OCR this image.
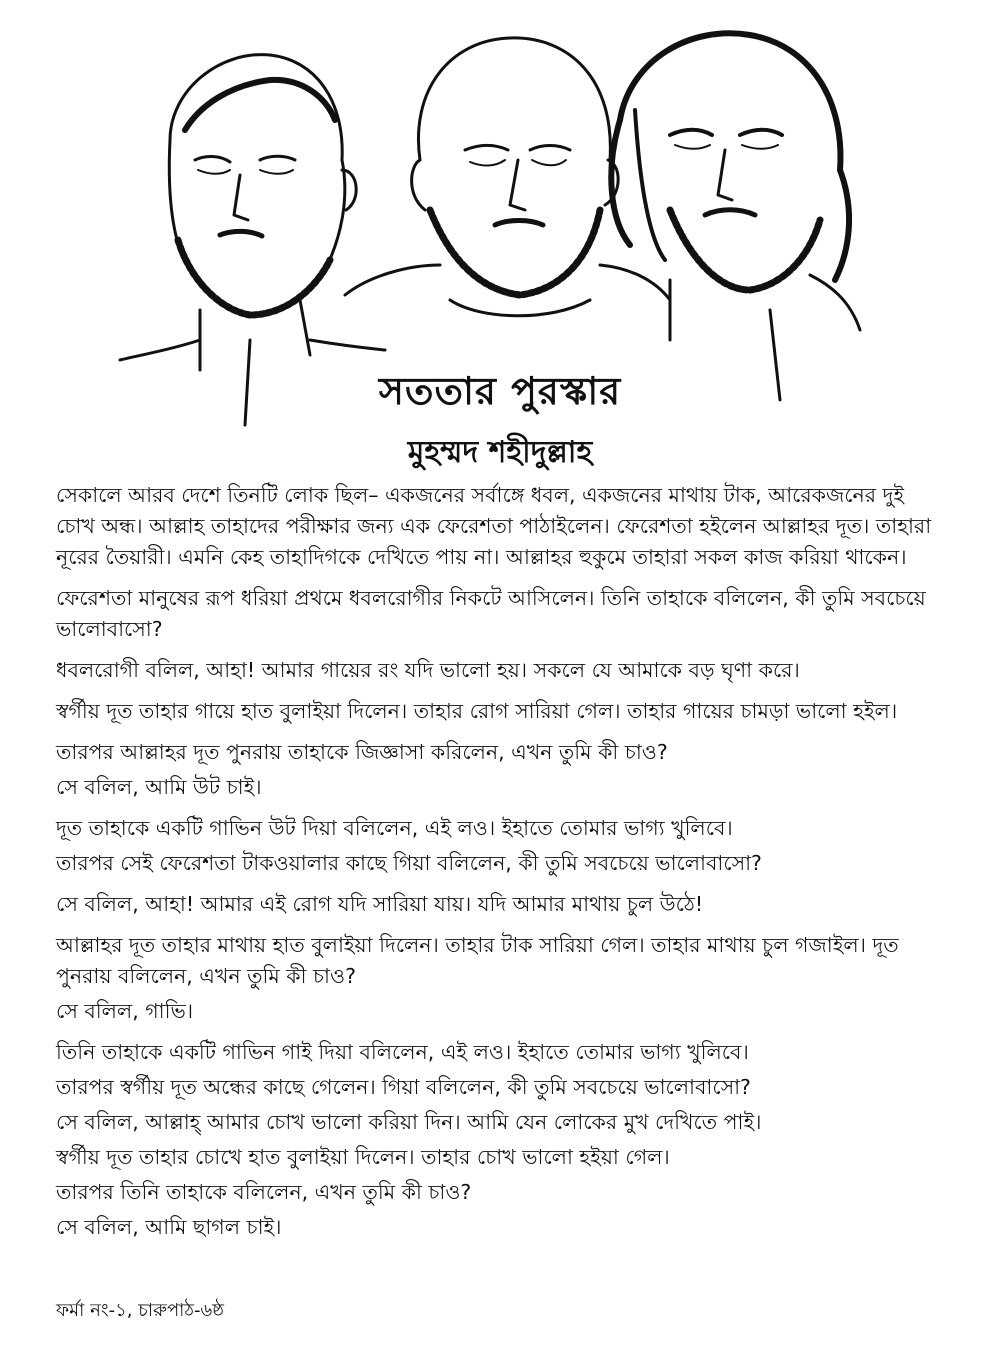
সততার পুরস্কার
মুহম্মদ শহীদুল্লাহ

সেকালে আরব দেশে তিনটি লোক ছিল– একজনের সর্বাঙ্গে ধবল, একজনের মাথায় টাক, আরেকজনের দুই চোখ অন্ধ। আল্লাহ তাহাদের পরীক্ষার জন্য এক ফেরেশতা পাঠাইলেন। ফেরেশতা হইলেন আল্লাহর দূত। তাহারা নূরের তৈয়ারী। এমনি কেহ তাহাদিগকে দেখিতে পায় না। আল্লাহর হুকুমে তাহারা সকল কাজ করিয়া থাকেন।

ফেরেশতা মানুষের রূপ ধরিয়া প্রথমে ধবলরোগীর নিকটে আসিলেন। তিনি তাহাকে বলিলেন, কী তুমি সবচেয়ে ভালোবাসো?

ধবলরোগী বলিল, আহা! আমার গায়ের রং যদি ভালো হয়। সকলে যে আমাকে বড় ঘৃণা করে।

স্বর্গীয় দূত তাহার গায়ে হাত বুলাইয়া দিলেন। তাহার রোগ সারিয়া গেল। তাহার গায়ের চামড়া ভালো হইল।

তারপর আল্লাহর দূত পুনরায় তাহাকে জিজ্ঞাসা করিলেন, এখন তুমি কী চাও?

সে বলিল, আমি উট চাই।

দূত তাহাকে একটি গাভিন উট দিয়া বলিলেন, এই লও। ইহাতে তোমার ভাগ্য খুলিবে।

তারপর সেই ফেরেশতা টাকওয়ালার কাছে গিয়া বলিলেন, কী তুমি সবচেয়ে ভালোবাসো?

সে বলিল, আহা! আমার এই রোগ যদি সারিয়া যায়। যদি আমার মাথায় চুল উঠে!

আল্লাহর দূত তাহার মাথায় হাত বুলাইয়া দিলেন। তাহার টাক সারিয়া গেল। তাহার মাথায় চুল গজাইল। দূত পুনরায় বলিলেন, এখন তুমি কী চাও?

সে বলিল, গাভি।

তিনি তাহাকে একটি গাভিন গাই দিয়া বলিলেন, এই লও। ইহাতে তোমার ভাগ্য খুলিবে।

তারপর স্বর্গীয় দূত অন্ধের কাছে গেলেন। গিয়া বলিলেন, কী তুমি সবচেয়ে ভালোবাসো?

সে বলিল, আল্লাহ্ আমার চোখ ভালো করিয়া দিন। আমি যেন লোকের মুখ দেখিতে পাই।

স্বর্গীয় দূত তাহার চোখে হাত বুলাইয়া দিলেন। তাহার চোখ ভালো হইয়া গেল।

তারপর তিনি তাহাকে বলিলেন, এখন তুমি কী চাও?

সে বলিল, আমি ছাগল চাই।

ফর্মা নং-১, চারুপাঠ-৬ষ্ঠ
